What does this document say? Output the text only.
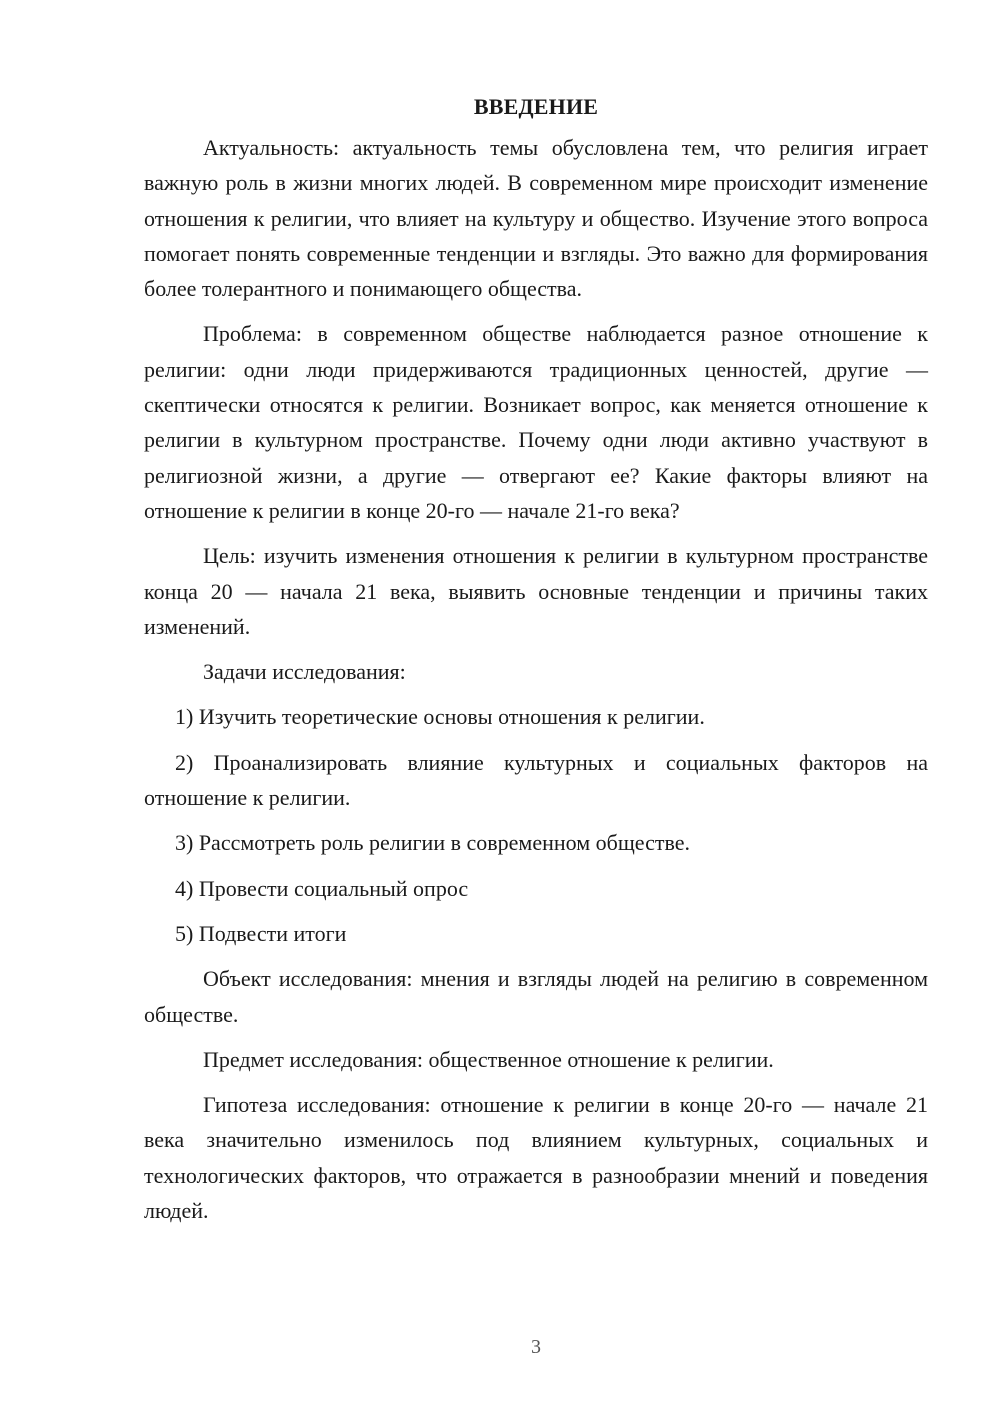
ВВЕДЕНИЕ

Актуальность: актуальность темы обусловлена тем, что религия играет важную роль в жизни многих людей. В современном мире происходит изменение отношения к религии, что влияет на культуру и общество. Изучение этого вопроса помогает понять современные тенденции и взгляды. Это важно для формирования более толерантного и понимающего общества.

Проблема: в современном обществе наблюдается разное отношение к религии: одни люди придерживаются традиционных ценностей, другие — скептически относятся к религии. Возникает вопрос, как меняется отношение к религии в культурном пространстве. Почему одни люди активно участвуют в религиозной жизни, а другие — отвергают ее? Какие факторы влияют на отношение к религии в конце 20-го — начале 21-го века?

Цель: изучить изменения отношения к религии в культурном пространстве конца 20 — начала 21 века, выявить основные тенденции и причины таких изменений.

Задачи исследования:

1) Изучить теоретические основы отношения к религии.

2) Проанализировать влияние культурных и социальных факторов на отношение к религии.

3) Рассмотреть роль религии в современном обществе.

4) Провести социальный опрос

5) Подвести итоги

Объект исследования: мнения и взгляды людей на религию в современном обществе.

Предмет исследования: общественное отношение к религии.

Гипотеза исследования: отношение к религии в конце 20-го — начале 21 века значительно изменилось под влиянием культурных, социальных и технологических факторов, что отражается в разнообразии мнений и поведения людей.

3
